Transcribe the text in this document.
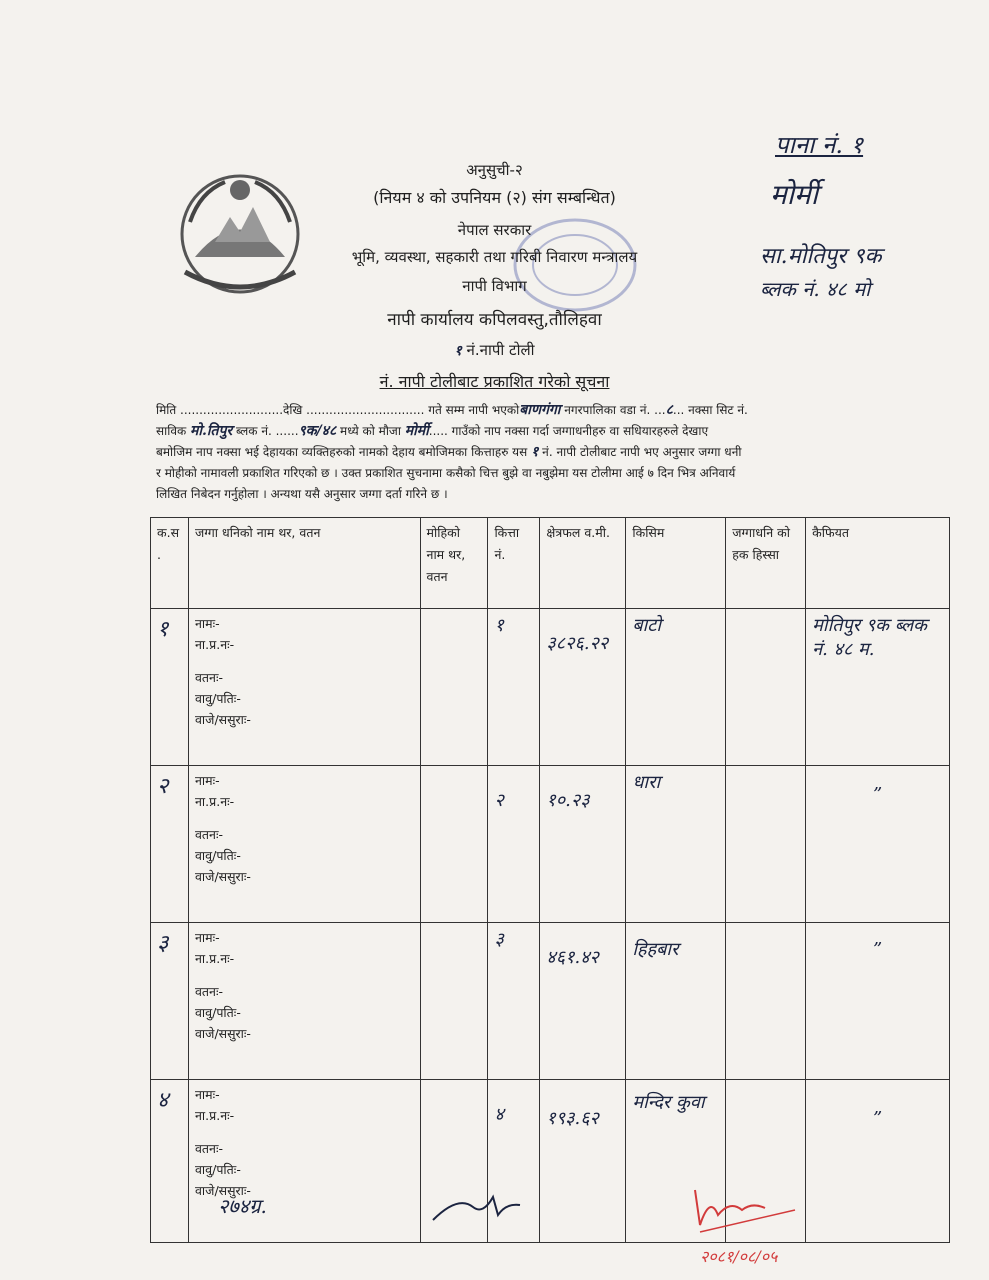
अनुसुची-२
(नियम ४ को उपनियम (२) संग सम्बन्धित)
नेपाल सरकार
भूमि, व्यवस्था, सहकारी तथा गरिबी निवारण मन्त्रालय
नापी विभाग
नापी कार्यालय कपिलवस्तु,तौलिहवा
१ नं.नापी टोली
नं. नापी टोलीबाट प्रकाशित गरेको सूचना
पाना नं. १
मोर्मी
सा.मोतिपुर ९क
ब्लक नं. ४८ मो

मिति ...........................देखि ............................... गते सम्म नापी भएकोबाणगंगा नगरपालिका वडा नं. ...८... नक्सा सिट नं.

साविक मो.तिपुर ब्लक नं. ......९क/४८ मध्ये को मौजा मोर्मी..... गाउँको नाप नक्सा गर्दा जग्गाधनीहरु वा सधियारहरुले देखाए

बमोजिम नाप नक्सा भई देहायका व्यक्तिहरुको नामको देहाय बमोजिमका कित्ताहरु यस १ नं. नापी टोलीबाट नापी भए अनुसार जग्गा धनी

र मोहीको नामावली प्रकाशित गरिएको छ । उक्त प्रकाशित सुचनामा कसैको चित्त बुझे वा नबुझेमा यस टोलीमा आई ७ दिन भित्र अनिवार्य

लिखित निबेदन गर्नुहोला । अन्यथा यसै अनुसार जग्गा दर्ता गरिने छ ।

क.स .	जग्गा धनिको नाम थर, वतन	मोहिको नाम थर, वतन	कित्ता नं.	क्षेत्रफल व.मी.	किसिम	जग्गाधनि को हक हिस्सा	कैफियत
१	नामः-
ना.प्र.नः-
वतनः-
वावु/पतिः-
वाजे/ससुराः-		१	३८२६.२२	बाटो		मोतिपुर ९क ब्लक नं. ४८ म.
२	नामः-
ना.प्र.नः-
वतनः-
वावु/पतिः-
वाजे/ससुराः-		२	१०.२३	धारा		”
३	नामः-
ना.प्र.नः-
वतनः-
वावु/पतिः-
वाजे/ससुराः-		३	४६१.४२	हिहबार		”
४	नामः-
ना.प्र.नः-
वतनः-
वावु/पतिः-
वाजे/ससुराः-		४	१९३.६२	मन्दिर कुवा		”
२७४ग्र.
२०८१/०८/०५
